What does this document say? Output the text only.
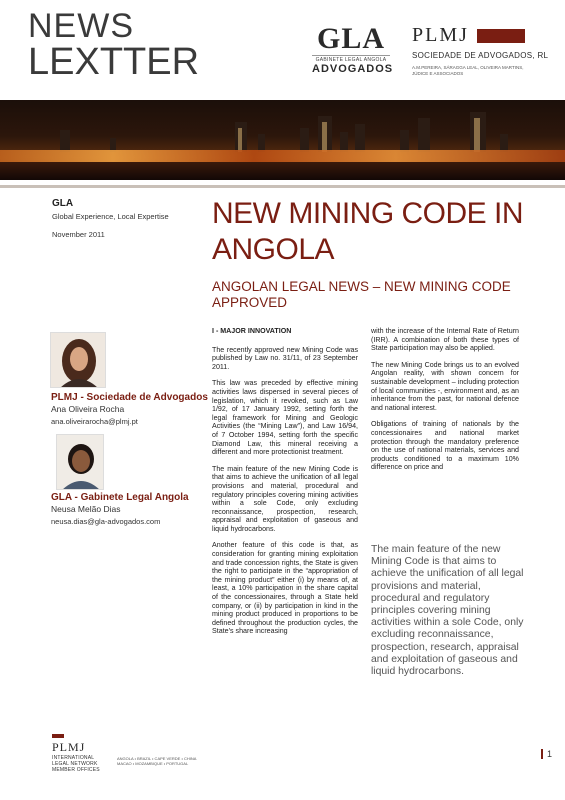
NEWS
LEXTTER
GLA
GABINETE LEGAL ANGOLA
ADVOGADOS
PLMJ
SOCIEDADE DE ADVOGADOS, RL
A.M.PEREIRA, SÁRAGGA LEAL, OLIVEIRA MARTINS, JÚDICE E ASSOCIADOS
GLA
Global Experience, Local Expertise
November 2011
NEW MINING CODE IN ANGOLA
ANGOLAN LEGAL NEWS – NEW MINING CODE APPROVED
PLMJ - Sociedade de Advogados
Ana Oliveira Rocha
ana.oliveirarocha@plmj.pt
GLA - Gabinete Legal Angola
Neusa Melão Dias
neusa.dias@gla-advogados.com

I - MAJOR INNOVATION

The recently approved new Mining Code was published by Law no. 31/11, of 23 September 2011.

This law was preceded by effective mining activities laws dispersed in several pieces of legislation, which it revoked, such as Law 1/92, of 17 January 1992, setting forth the legal framework for Mining and Geologic Activities (the “Mining Law”), and Law 16/94, of 7 October 1994, setting forth the specific Diamond Law, this mineral receiving a different and more protectionist treatment.

The main feature of the new Mining Code is that aims to achieve the unification of all legal provisions and material, procedural and regulatory principles covering mining activities within a sole Code, only excluding reconnaissance, prospection, research, appraisal and exploitation of gaseous and liquid hydrocarbons.

Another feature of this code is that, as consideration for granting mining exploitation and trade concession rights, the State is given the right to participate in the “appropriation of the mining product” either (i) by means of, at least, a 10% participation in the share capital of the concessionaires, through a State held company, or (ii) by participation in kind in the mining product produced in proportions to be defined throughout the production cycles, the State’s share increasing

with the increase of the Internal Rate of Return (IRR). A combination of both these types of State participation may also be applied.

The new Mining Code brings us to an evolved Angolan reality, with shown concern for sustainable development – including protection of local communities -, environment and, as an inheritance from the past, for national defence and national interest.

Obligations of training of nationals by the concessionaires and national market protection through the mandatory preference on the use of national materials, services and products conditioned to a maximum 10% difference on price and

The main feature of the new Mining Code is that aims to achieve the unification of all legal provisions and material, procedural and regulatory principles covering mining activities within a sole Code, only excluding reconnaissance, prospection, research, appraisal and exploitation of gaseous and liquid hydrocarbons.
PLMJ
INTERNATIONAL
LEGAL NETWORK
MEMBER OFFICES
ANGOLA • BRAZIL • CAPE VERDE • CHINA MACAO • MOZAMBIQUE • PORTUGAL
1
